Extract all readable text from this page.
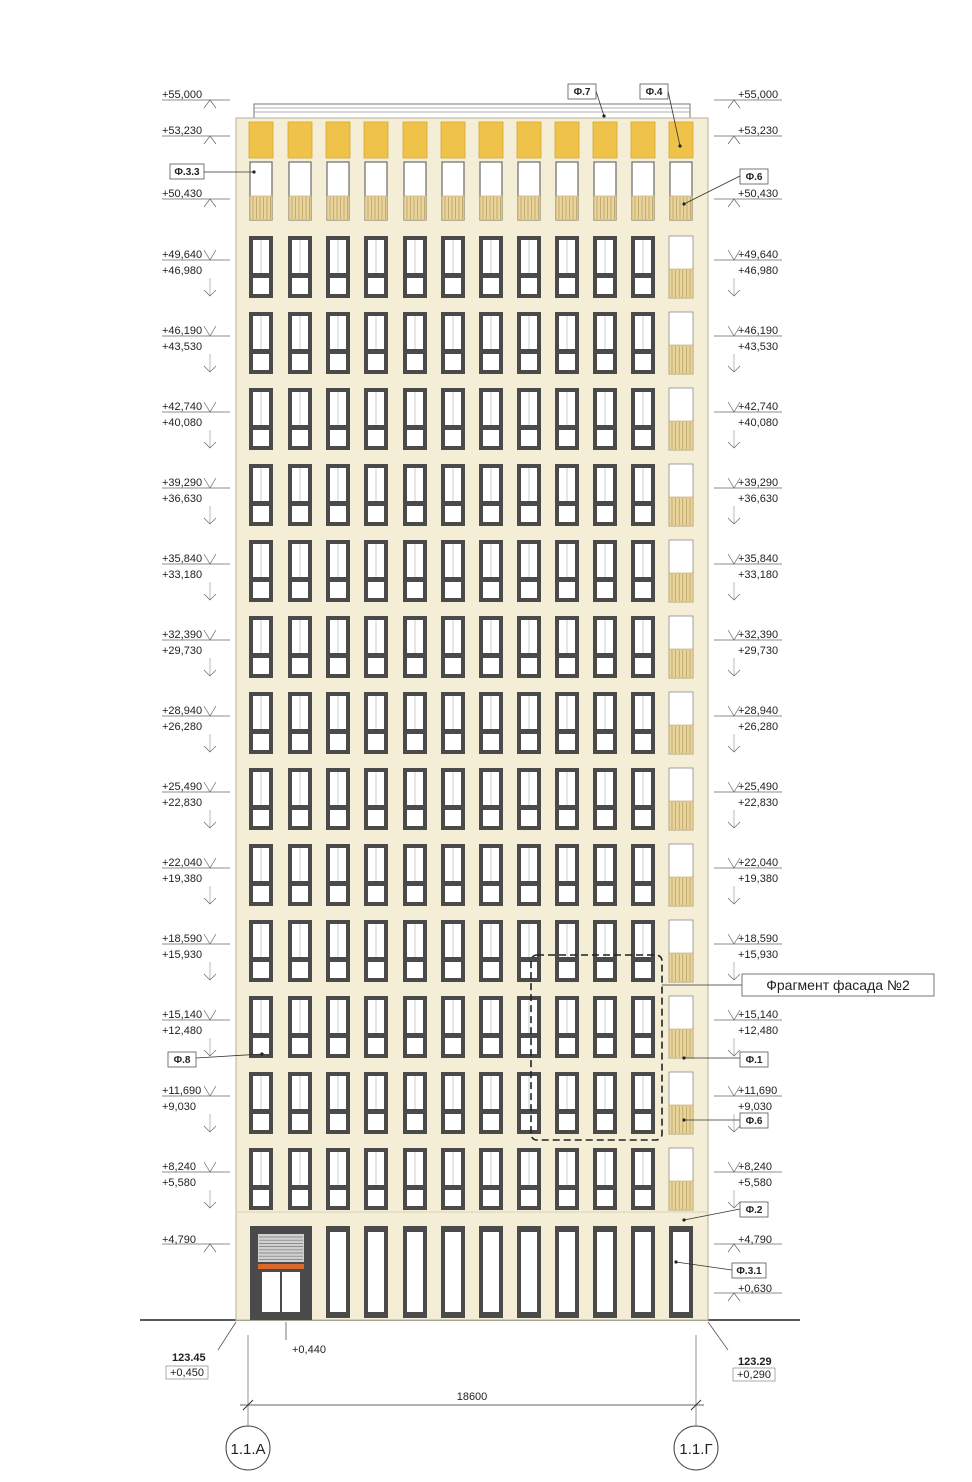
Фрагмент фасада №2
+55,000
+53,230
+50,430
+49,640
+46,980
+46,190
+43,530
+42,740
+40,080
+39,290
+36,630
+35,840
+33,180
+32,390
+29,730
+28,940
+26,280
+25,490
+22,830
+22,040
+19,380
+18,590
+15,930
+15,140
+12,480
+11,690
+9,030
+8,240
+5,580
+4,790
+55,000
+53,230
+50,430
+49,640
+46,980
+46,190
+43,530
+42,740
+40,080
+39,290
+36,630
+35,840
+33,180
+32,390
+29,730
+28,940
+26,280
+25,490
+22,830
+22,040
+19,380
+18,590
+15,930
+15,140
+12,480
+11,690
+9,030
+8,240
+5,580
+4,790
+0,630
Ф.7	Ф.4
Ф.3.3	Ф.6
Ф.8	Ф.1
Ф.6
Ф.2
Ф.3.1
+0,440
123.45
+0,450
123.29
+0,290
18600
1.1.А	1.1.Г
